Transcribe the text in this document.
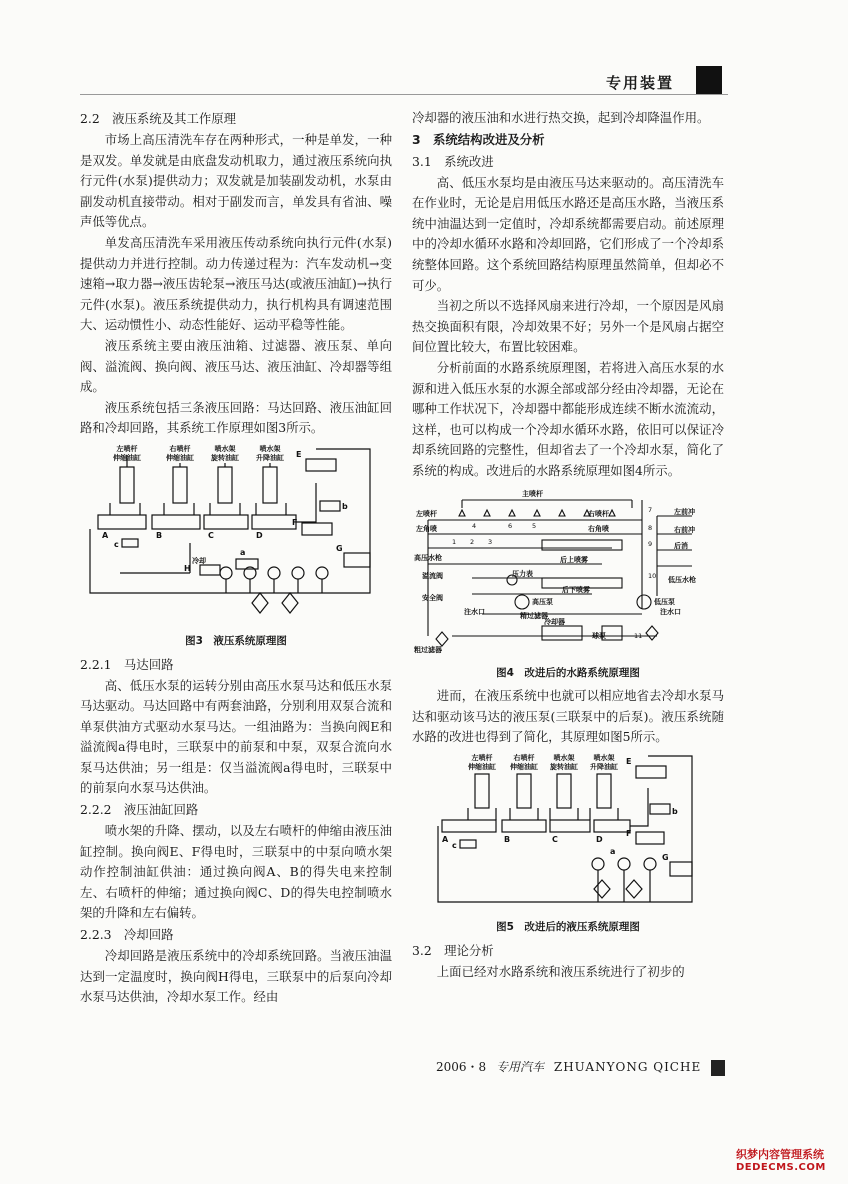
专用装置
2.2　液压系统及其工作原理

市场上高压清洗车存在两种形式，一种是单发，一种是双发。单发就是由底盘发动机取力，通过液压系统向执行元件(水泵)提供动力；双发就是加装副发动机，水泵由副发动机直接带动。相对于副发而言，单发具有省油、噪声低等优点。

单发高压清洗车采用液压传动系统向执行元件(水泵)提供动力并进行控制。动力传递过程为：汽车发动机→变速箱→取力器→液压齿轮泵→液压马达(或液压油缸)→执行元件(水泵)。液压系统提供动力，执行机构具有调速范围大、运动惯性小、动态性能好、运动平稳等性能。

液压系统主要由液压油箱、过滤器、液压泵、单向阀、溢流阀、换向阀、液压马达、液压油缸、冷却器等组成。

液压系统包括三条液压回路：马达回路、液压油缸回路和冷却回路，其系统工作原理如图3所示。

左喷杆
伸缩油缸
右喷杆
伸缩油缸
喷水架
旋转油缸
喷水架
升降油缸
A	B	C	D
E
F
G
H
a
b
c
冷却
图3　液压系统原理图
2.2.1　马达回路

高、低压水泵的运转分别由高压水泵马达和低压水泵马达驱动。马达回路中有两套油路，分别利用双泵合流和单泵供油方式驱动水泵马达。一组油路为：当换向阀E和溢流阀a得电时，三联泵中的前泵和中泵，双泵合流向水泵马达供油；另一组是：仅当溢流阀a得电时，三联泵中的前泵向水泵马达供油。

2.2.2　液压油缸回路

喷水架的升降、摆动，以及左右喷杆的伸缩由液压油缸控制。换向阀E、F得电时，三联泵中的中泵向喷水架动作控制油缸供油：通过换向阀A、B的得失电来控制左、右喷杆的伸缩；通过换向阀C、D的得失电控制喷水架的升降和左右偏转。

2.2.3　冷却回路

冷却回路是液压系统中的冷却系统回路。当液压油温达到一定温度时，换向阀H得电，三联泵中的后泵向冷却水泵马达供油，冷却水泵工作。经由

冷却器的液压油和水进行热交换，起到冷却降温作用。

3　系统结构改进及分析
3.1　系统改进

高、低压水泵均是由液压马达来驱动的。高压清洗车在作业时，无论是启用低压水路还是高压水路，当液压系统中油温达到一定值时，冷却系统都需要启动。前述原理中的冷却水循环水路和冷却回路，它们形成了一个冷却系统整体回路。这个系统回路结构原理虽然简单，但却必不可少。

当初之所以不选择风扇来进行冷却，一个原因是风扇热交换面积有限，冷却效果不好；另外一个是风扇占据空间位置比较大，布置比较困难。

分析前面的水路系统原理图，若将进入高压水泵的水源和进入低压水泵的水源全部或部分经由冷却器，无论在哪种工作状况下，冷却器中都能形成连续不断水流流动，这样，也可以构成一个冷却水循环水路，依旧可以保证冷却系统回路的完整性，但却省去了一个冷却水泵，简化了系统的构成。改进后的水路系统原理如图4所示。

主喷杆
左喷杆
左角喷
高压水枪
右喷杆
右角喷
后上喷雾
溢流阀	压力表
安全阀	高压泵
后下喷雾
低压泵
精过滤器
注水口	注水口
冷却器
球泵
粗过滤器
左前冲
右前冲
后消
低压水枪
1 2 3
4	5
6
7
8
9
10
11
图4　改进后的水路系统原理图

进而，在液压系统中也就可以相应地省去冷却水泵马达和驱动该马达的液压泵(三联泵中的后泵)。液压系统随水路的改进也得到了简化，其原理如图5所示。

左喷杆
伸缩油缸
右喷杆
伸缩油缸
喷水架
旋转油缸
喷水架
升降油缸
A	B	C	D
E
F
G
a
b
c
图5　改进后的液压系统原理图
3.2　理论分析

上面已经对水路系统和液压系统进行了初步的

2006・8 专用汽车 ZHUANYONG QICHE
织梦内容管理系统
DEDECMS.COM
